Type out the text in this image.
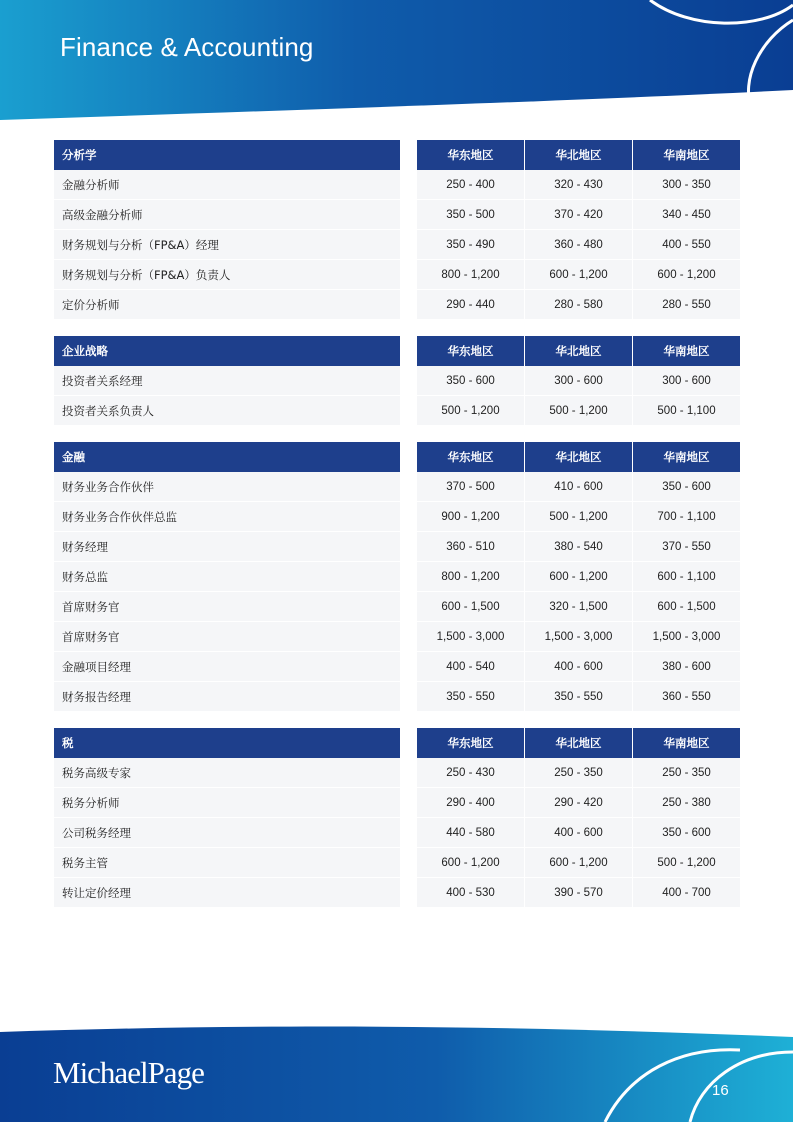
Finance & Accounting
分析学	华东地区	华北地区	华南地区
金融分析师	250 - 400	320 - 430	300 - 350
高级金融分析师	350 - 500	370 - 420	340 - 450
财务规划与分析（FP&A）经理	350 - 490	360 - 480	400 - 550
财务规划与分析（FP&A）负责人	800 - 1,200	600 - 1,200	600 - 1,200
定价分析师	290 - 440	280 - 580	280 - 550
企业战略	华东地区	华北地区	华南地区
投资者关系经理	350 - 600	300 - 600	300 - 600
投资者关系负责人	500 - 1,200	500 - 1,200	500 - 1,100
金融	华东地区	华北地区	华南地区
财务业务合作伙伴	370 - 500	410 - 600	350 - 600
财务业务合作伙伴总监	900 - 1,200	500 - 1,200	700 - 1,100
财务经理	360 - 510	380 - 540	370 - 550
财务总监	800 - 1,200	600 - 1,200	600 - 1,100
首席财务官	600 - 1,500	320 - 1,500	600 - 1,500
首席财务官	1,500 - 3,000	1,500 - 3,000	1,500 - 3,000
金融项目经理	400 - 540	400 - 600	380 - 600
财务报告经理	350 - 550	350 - 550	360 - 550
税	华东地区	华北地区	华南地区
税务高级专家	250 - 430	250 - 350	250 - 350
税务分析师	290 - 400	290 - 420	250 - 380
公司税务经理	440 - 580	400 - 600	350 - 600
税务主管	600 - 1,200	600 - 1,200	500 - 1,200
转让定价经理	400 - 530	390 - 570	400 - 700
MichaelPage
16
